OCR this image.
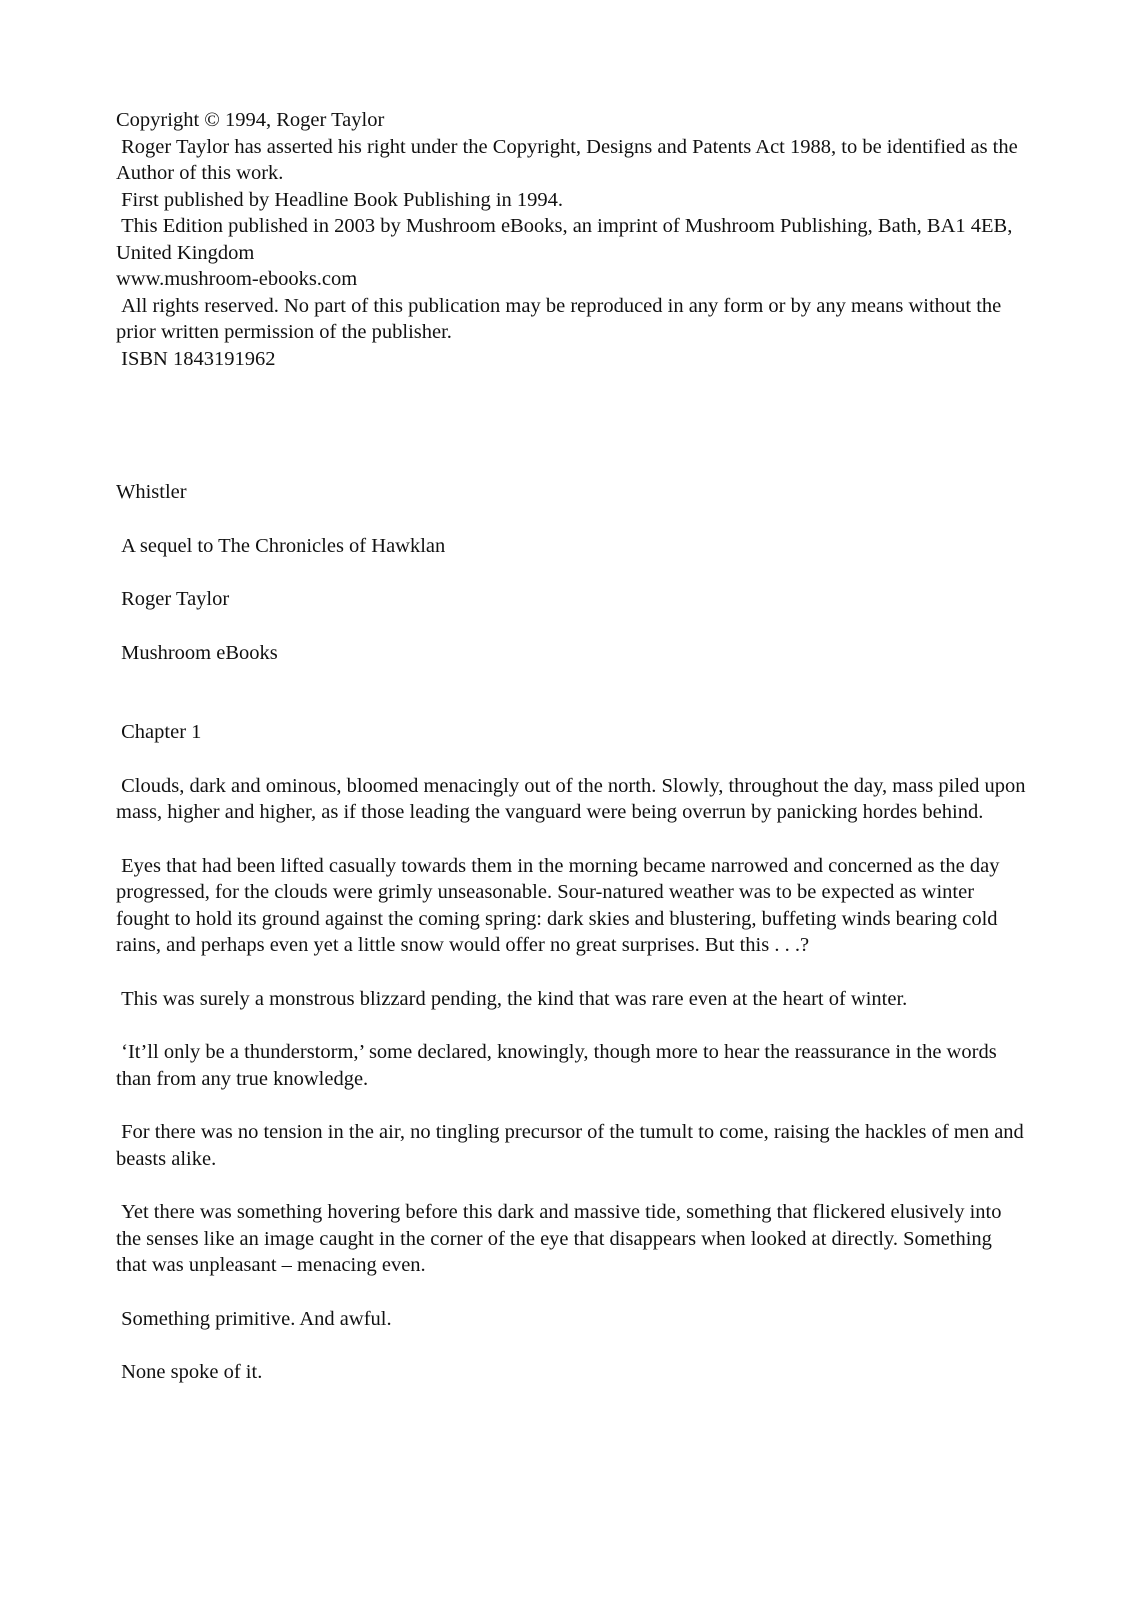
Copyright © 1994, Roger Taylor

Roger Taylor has asserted his right under the Copyright, Designs and Patents Act 1988, to be identified as the Author of this work.

First published by Headline Book Publishing in 1994.

This Edition published in 2003 by Mushroom eBooks, an imprint of Mushroom Publishing, Bath, BA1 4EB, United Kingdom

www.mushroom-ebooks.com

All rights reserved. No part of this publication may be reproduced in any form or by any means without the prior written permission of the publisher.

ISBN 1843191962

Whistler

A sequel to The Chronicles of Hawklan

Roger Taylor

Mushroom eBooks

Chapter 1

Clouds, dark and ominous, bloomed menacingly out of the north. Slowly, throughout the day, mass piled upon mass, higher and higher, as if those leading the vanguard were being overrun by panicking hordes behind.

Eyes that had been lifted casually towards them in the morning became narrowed and concerned as the day progressed, for the clouds were grimly unseasonable. Sour-natured weather was to be expected as winter fought to hold its ground against the coming spring: dark skies and blustering, buffeting winds bearing cold rains, and perhaps even yet a little snow would offer no great surprises. But this . . .?

This was surely a monstrous blizzard pending, the kind that was rare even at the heart of winter.

‘It’ll only be a thunderstorm,’ some declared, knowingly, though more to hear the reassurance in the words than from any true knowledge.

For there was no tension in the air, no tingling precursor of the tumult to come, raising the hackles of men and beasts alike.

Yet there was something hovering before this dark and massive tide, something that flickered elusively into the senses like an image caught in the corner of the eye that disappears when looked at directly. Something that was unpleasant – menacing even.

Something primitive. And awful.

None spoke of it.
